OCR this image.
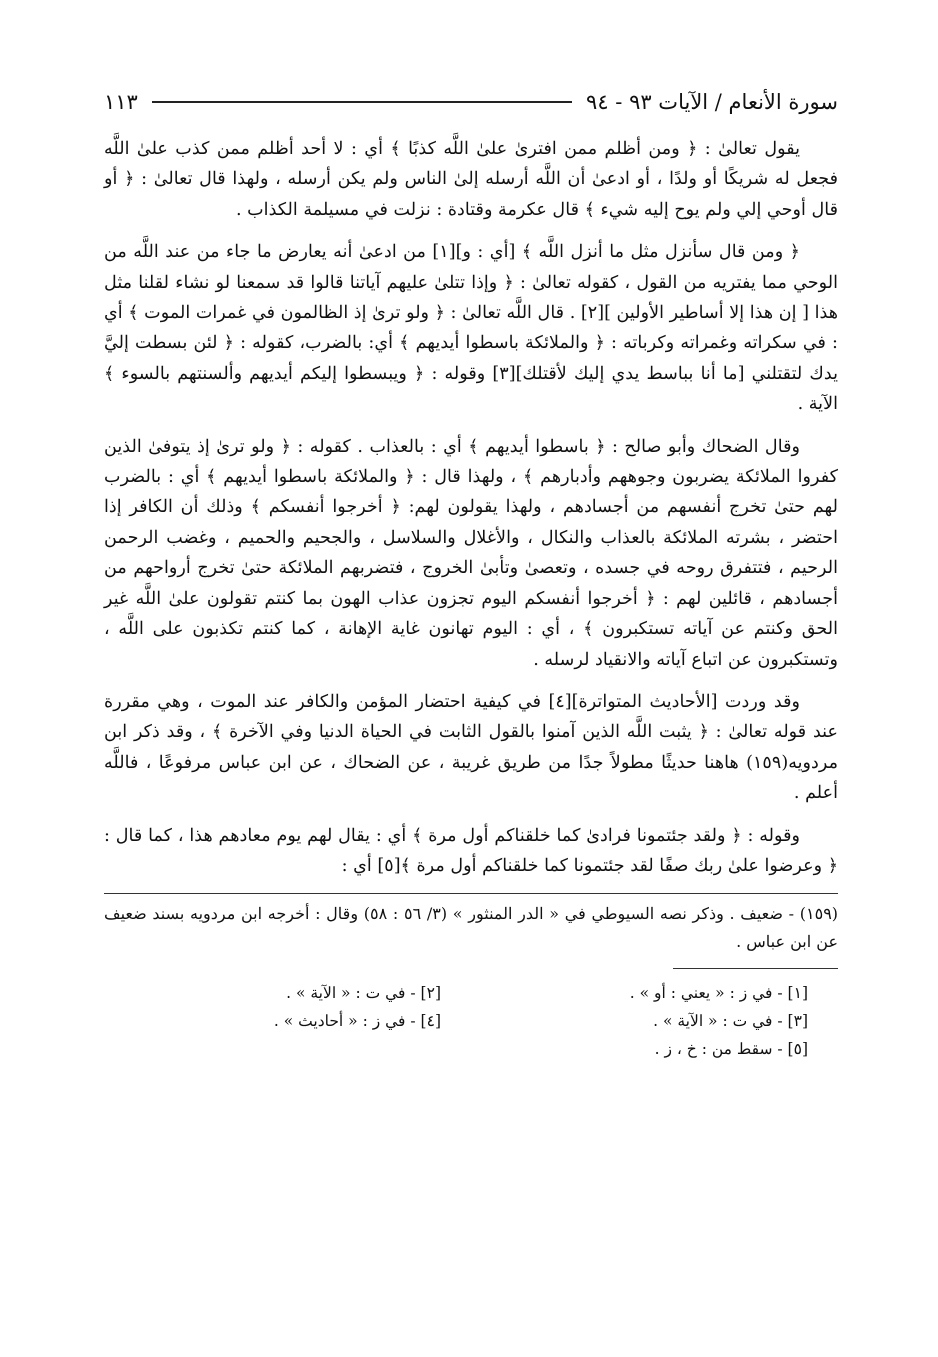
سورة الأنعام / الآيات ٩٣ - ٩٤
١١٣

يقول تعالىٰ : ﴿ ومن أظلم ممن افترىٰ علىٰ اللَّه كذبًا ﴾ أي : لا أحد أظلم ممن كذب علىٰ اللَّه فجعل له شريكًا أو ولدًا ، أو ادعىٰ أن اللَّه أرسله إلىٰ الناس ولم يكن أرسله ، ولهذا قال تعالىٰ : ﴿ أو قال أوحي إلي ولم يوح إليه شيء ﴾ قال عكرمة وقتادة : نزلت في مسيلمة الكذاب .

﴿ ومن قال سأنزل مثل ما أنزل اللَّه ﴾ [أي : و][١] من ادعىٰ أنه يعارض ما جاء من عند اللَّه من الوحي مما يفتريه من القول ، كقوله تعالىٰ : ﴿ وإذا تتلىٰ عليهم آياتنا قالوا قد سمعنا لو نشاء لقلنا مثل هذا [ إن هذا إلا أساطير الأولين ][٢] . قال اللَّه تعالىٰ : ﴿ ولو ترىٰ إذ الظالمون في غمرات الموت ﴾ أي : في سكراته وغمراته وكرباته : ﴿ والملائكة باسطوا أيديهم ﴾ أي: بالضرب، كقوله : ﴿ لئن بسطت إليَّ يدك لتقتلني [ما أنا بباسط يدي إليك لأقتلك][٣] وقوله : ﴿ ويبسطوا إليكم أيديهم وألسنتهم بالسوء ﴾ الآية .

وقال الضحاك وأبو صالح : ﴿ باسطوا أيديهم ﴾ أي : بالعذاب . كقوله : ﴿ ولو ترىٰ إذ يتوفىٰ الذين كفروا الملائكة يضربون وجوههم وأدبارهم ﴾ ، ولهذا قال : ﴿ والملائكة باسطوا أيديهم ﴾ أي : بالضرب لهم حتىٰ تخرج أنفسهم من أجسادهم ، ولهذا يقولون لهم: ﴿ أخرجوا أنفسكم ﴾ وذلك أن الكافر إذا احتضر ، بشرته الملائكة بالعذاب والنكال ، والأغلال والسلاسل ، والجحيم والحميم ، وغضب الرحمن الرحيم ، فتتفرق روحه في جسده ، وتعصىٰ وتأبىٰ الخروج ، فتضربهم الملائكة حتىٰ تخرج أرواحهم من أجسادهم ، قائلين لهم : ﴿ أخرجوا أنفسكم اليوم تجزون عذاب الهون بما كنتم تقولون علىٰ اللَّه غير الحق وكنتم عن آياته تستكبرون ﴾ ، أي : اليوم تهانون غاية الإهانة ، كما كنتم تكذبون على اللَّه ، وتستكبرون عن اتباع آياته والانقياد لرسله .

وقد وردت [الأحاديث المتواترة][٤] في كيفية احتضار المؤمن والكافر عند الموت ، وهي مقررة عند قوله تعالىٰ : ﴿ يثبت اللَّه الذين آمنوا بالقول الثابت في الحياة الدنيا وفي الآخرة ﴾ ، وقد ذكر ابن مردويه(١٥٩) هاهنا حديثًا مطولاً جدًا من طريق غريبة ، عن الضحاك ، عن ابن عباس مرفوعًا ، فاللَّه أعلم .

وقوله : ﴿ ولقد جئتمونا فرادىٰ كما خلقناكم أول مرة ﴾ أي : يقال لهم يوم معادهم هذا ، كما قال : ﴿ وعرضوا علىٰ ربك صفًا لقد جئتمونا كما خلقناكم أول مرة ﴾[٥] أي :

(١٥٩) - ضعيف . وذكر نصه السيوطي في « الدر المنثور » (٣/ ٥٦ : ٥٨) وقال : أخرجه ابن مردويه بسند ضعيف عن ابن عباس .

[١] - في ز : « يعني : أو » .
[٢] - في ت : « الآية » .
[٣] - في ت : « الآية » .
[٤] - في ز : « أحاديث » .
[٥] - سقط من : خ ، ز .
